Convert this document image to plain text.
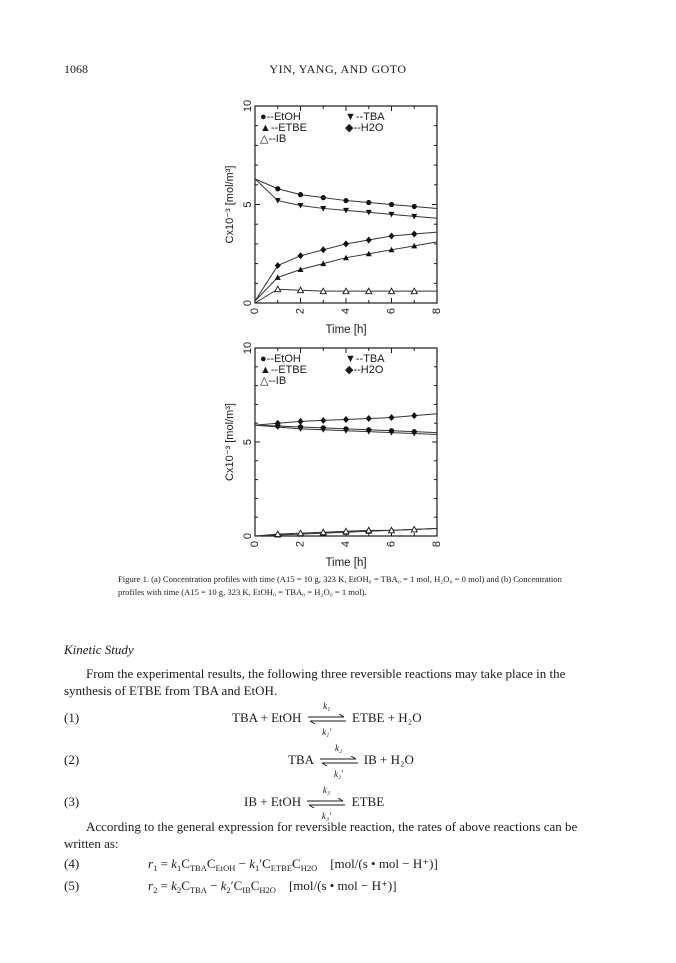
1068	YIN, YANG, AND GOTO
0	2	4	6	8
0
5
10
Time [h]
Cx10⁻³ [mol/m³]
●--EtOH	▼--TBA
▲--ETBE	◆--H2O
△--IB
0	2	4	6	8
0
5
10
Time [h]
Cx10⁻³ [mol/m³]
●--EtOH	▼--TBA
▲--ETBE	◆--H2O
△--IB
Figure 1. (a) Concentration profiles with time (A15 = 10 g, 323 K, EtOH₀ = TBA₀ = 1 mol, H₂O₀ = 0 mol) and (b) Concentration profiles with time (A15 = 10 g, 323 K, EtOH₀ = TBA₀ = H₂O₀ = 1 mol).
Kinetic Study
From the experimental results, the following three reversible reactions may take place in the synthesis of ETBE from TBA and EtOH.
(1)	TBA + EtOH
k₁
k₁′
ETBE + H₂O
(2)	TBA
k₂
k₂′
IB + H₂O
(3)	IB + EtOH
k₃
k₃′
ETBE
According to the general expression for reversible reaction, the rates of above reactions can be written as:
(4)	$r_1 = k_1C_{TBA}C_{EtOH} - k_1'C_{ETBE}C_{H2O}$ [mol/(s • mol − H⁺)]
(5)	$r_2 = k_2C_{TBA} - k_2'C_{IB}C_{H2O}$ [mol/(s • mol − H⁺)]
